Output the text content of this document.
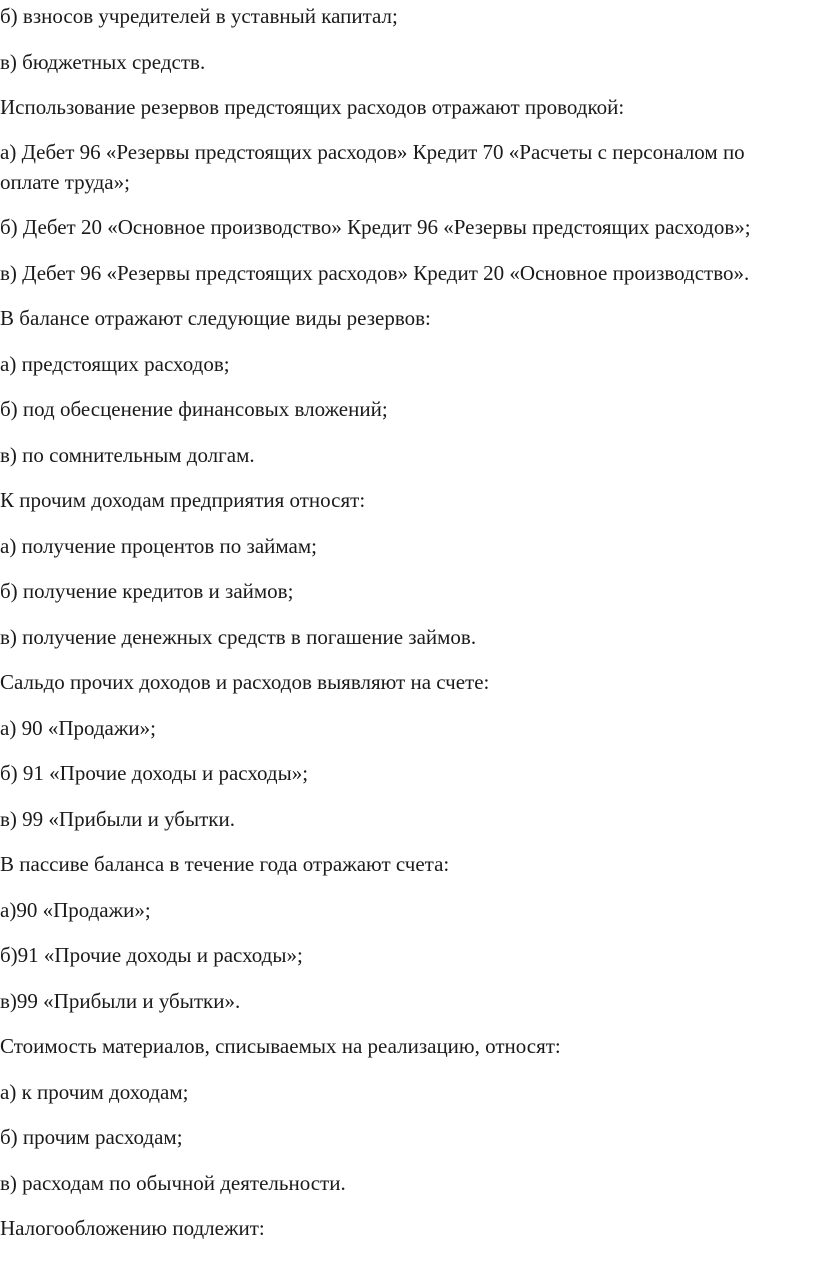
б) взносов учредителей в уставный капитал;

в) бюджетных средств.

Использование резервов предстоящих расходов отражают проводкой:

а) Дебет 96 «Резервы предстоящих расходов» Кредит 70 «Расчеты с персоналом по оплате труда»;

б) Дебет 20 «Основное производство» Кредит 96 «Резервы предстоящих расходов»;

в) Дебет 96 «Резервы предстоящих расходов» Кредит 20 «Основное производство».

В балансе отражают следующие виды резервов:

а) предстоящих расходов;

б) под обесценение финансовых вложений;

в) по сомнительным долгам.

К прочим доходам предприятия относят:

а) получение процентов по займам;

б) получение кредитов и займов;

в) получение денежных средств в погашение займов.

Сальдо прочих доходов и расходов выявляют на счете:

а) 90 «Продажи»;

б) 91 «Прочие доходы и расходы»;

в) 99 «Прибыли и убытки.

В пассиве баланса в течение года отражают счета:

а)90 «Продажи»;

б)91 «Прочие доходы и расходы»;

в)99 «Прибыли и убытки».

Стоимость материалов, списываемых на реализацию, относят:

а) к прочим доходам;

б) прочим расходам;

в) расходам по обычной деятельности.

Налогообложению подлежит:
